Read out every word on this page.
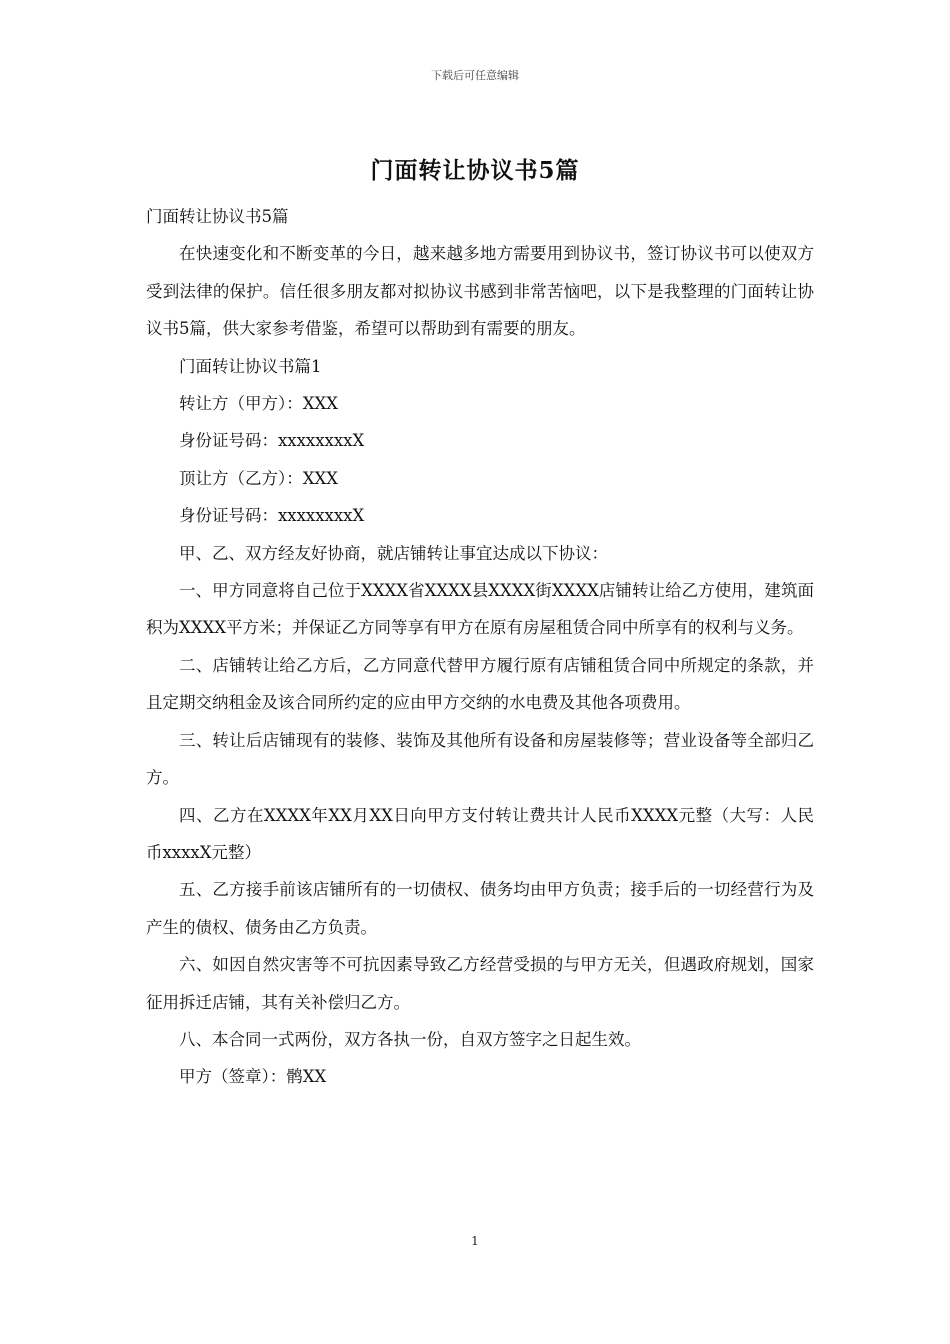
下载后可任意编辑
门面转让协议书5篇

门面转让协议书5篇

在快速变化和不断变革的今日，越来越多地方需要用到协议书，签订协议书可以使双方受到法律的保护。信任很多朋友都对拟协议书感到非常苦恼吧，以下是我整理的门面转让协议书5篇，供大家参考借鉴，希望可以帮助到有需要的朋友。

门面转让协议书篇1

转让方（甲方）：XXX

身份证号码：xxxxxxxxX

顶让方（乙方）：XXX

身份证号码：xxxxxxxxX

甲、乙、双方经友好协商，就店铺转让事宜达成以下协议：

一、甲方同意将自己位于XXXX省XXXX县XXXX街XXXX店铺转让给乙方使用，建筑面积为XXXX平方米；并保证乙方同等享有甲方在原有房屋租赁合同中所享有的权利与义务。

二、店铺转让给乙方后，乙方同意代替甲方履行原有店铺租赁合同中所规定的条款，并且定期交纳租金及该合同所约定的应由甲方交纳的水电费及其他各项费用。

三、转让后店铺现有的装修、装饰及其他所有设备和房屋装修等；营业设备等全部归乙方。

四、乙方在XXXX年XX月XX日向甲方支付转让费共计人民币XXXX元整（大写：人民币xxxxX元整）

五、乙方接手前该店铺所有的一切债权、债务均由甲方负责；接手后的一切经营行为及产生的债权、债务由乙方负责。

六、如因自然灾害等不可抗因素导致乙方经营受损的与甲方无关，但遇政府规划，国家征用拆迁店铺，其有关补偿归乙方。

八、本合同一式两份，双方各执一份，自双方签字之日起生效。

甲方（签章）：鹘XX

1
